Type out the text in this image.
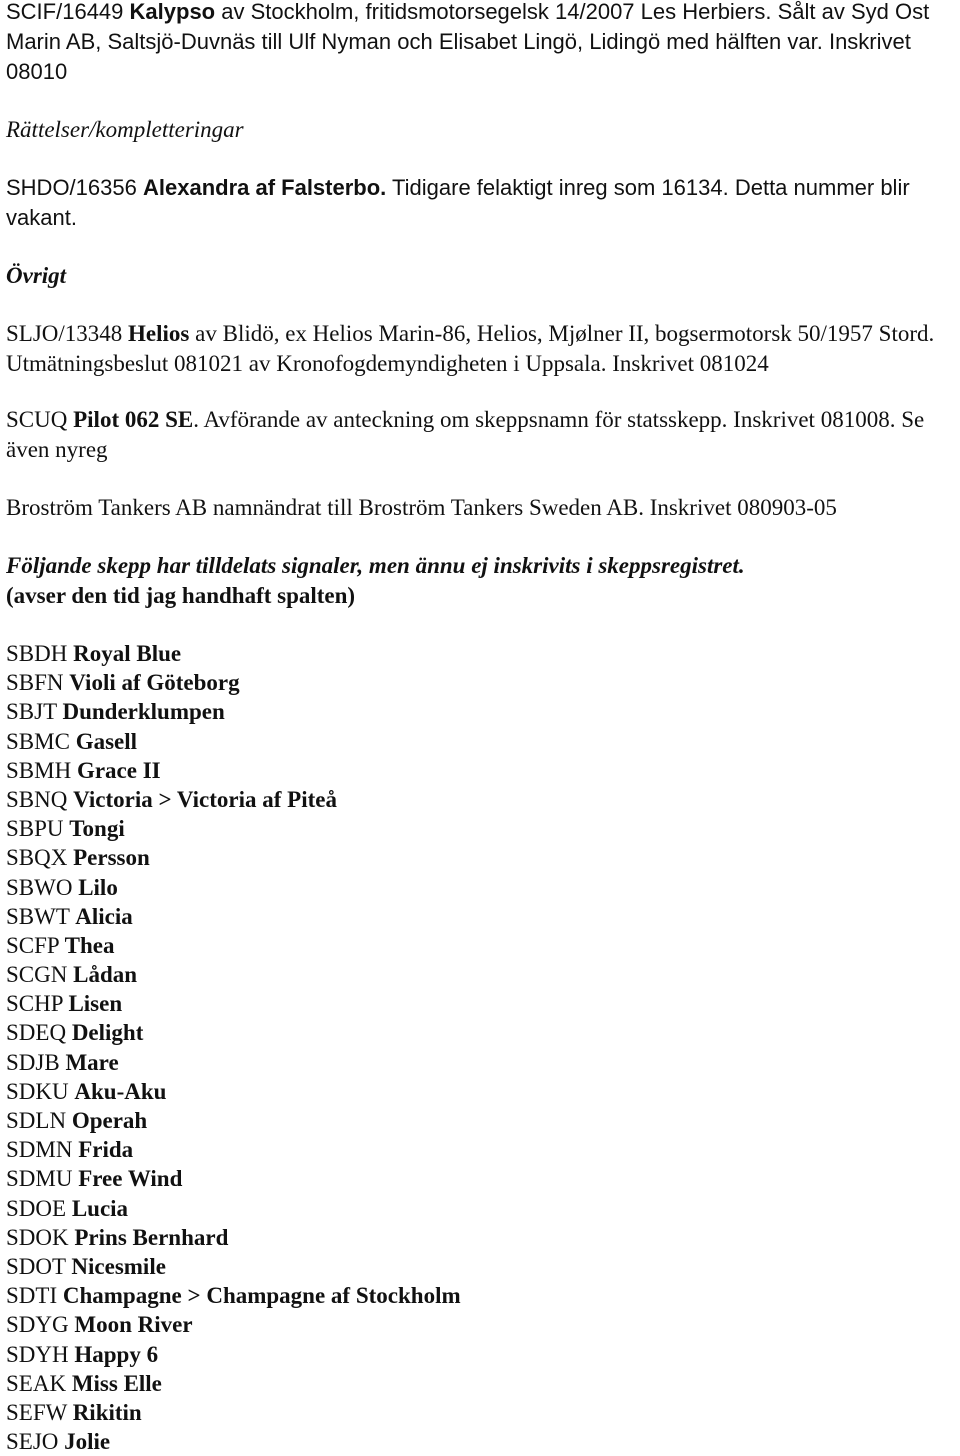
SCIF/16449 Kalypso av Stockholm, fritidsmotorsegelsk 14/2007 Les Herbiers. Sålt av Syd Ost Marin AB, Saltsjö-Duvnäs till Ulf Nyman och Elisabet Lingö, Lidingö med hälften var. Inskrivet 08010

Rättelser/kompletteringar

SHDO/16356 Alexandra af Falsterbo. Tidigare felaktigt inreg som 16134. Detta nummer blir vakant.

Övrigt

SLJO/13348 Helios av Blidö, ex Helios Marin-86, Helios, Mjølner II, bogsermotorsk 50/1957 Stord. Utmätningsbeslut 081021 av Kronofogdemyndigheten i Uppsala. Inskrivet 081024

SCUQ Pilot 062 SE. Avförande av anteckning om skeppsnamn för statsskepp. Inskrivet 081008. Se även nyreg

Broström Tankers AB namnändrat till Broström Tankers Sweden AB. Inskrivet 080903-05

Följande skepp har tilldelats signaler, men ännu ej inskrivits i skeppsregistret.

(avser den tid jag handhaft spalten)

SBDH Royal Blue
SBFN Violi af Göteborg
SBJT Dunderklumpen
SBMC Gasell
SBMH Grace II
SBNQ Victoria > Victoria af Piteå
SBPU Tongi
SBQX Persson
SBWO Lilo
SBWT Alicia
SCFP Thea
SCGN Lådan
SCHP Lisen
SDEQ Delight
SDJB Mare
SDKU Aku-Aku
SDLN Operah
SDMN Frida
SDMU Free Wind
SDOE Lucia
SDOK Prins Bernhard
SDOT Nicesmile
SDTI Champagne > Champagne af Stockholm
SDYG Moon River
SDYH Happy 6
SEAK Miss Elle
SEFW Rikitin
SEJO Jolie
